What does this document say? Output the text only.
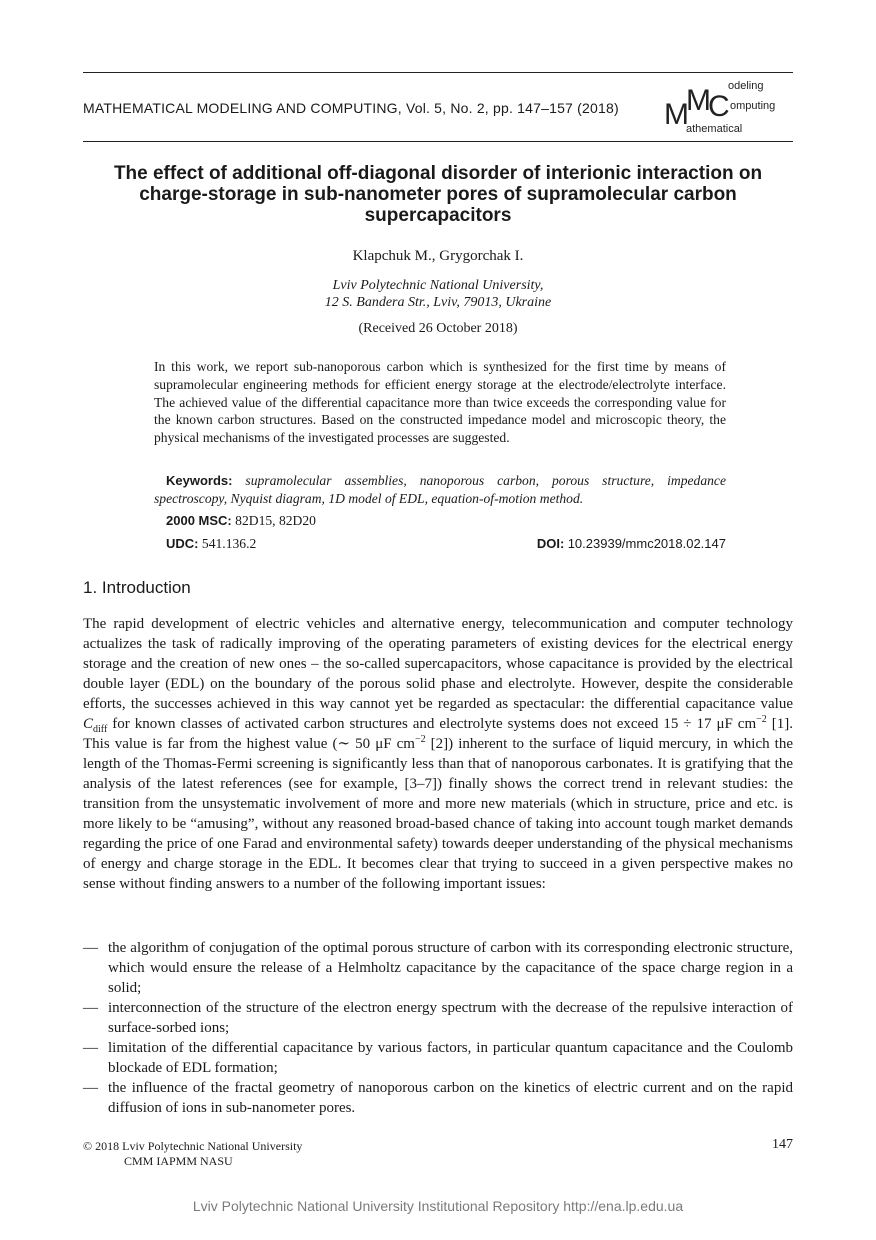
MATHEMATICAL MODELING AND COMPUTING, Vol. 5, No. 2, pp. 147–157 (2018) M
M
C
odeling
omputing
athematical
The effect of additional off-diagonal disorder of interionic interaction on charge-storage in sub-nanometer pores of supramolecular carbon supercapacitors
Klapchuk M., Grygorchak I.
Lviv Polytechnic National University,
12 S. Bandera Str., Lviv, 79013, Ukraine
(Received 26 October 2018)
In this work, we report sub-nanoporous carbon which is synthesized for the first time by means of supramolecular engineering methods for efficient energy storage at the electrode/electrolyte interface. The achieved value of the differential capacitance more than twice exceeds the corresponding value for the known carbon structures. Based on the constructed impedance model and microscopic theory, the physical mechanisms of the investigated processes are suggested.
Keywords: supramolecular assemblies, nanoporous carbon, porous structure, impedance spectroscopy, Nyquist diagram, 1D model of EDL, equation-of-motion method.
2000 MSC: 82D15, 82D20
UDC: 541.136.2	DOI: 10.23939/mmc2018.02.147
1. Introduction

The rapid development of electric vehicles and alternative energy, telecommunication and computer technology actualizes the task of radically improving of the operating parameters of existing devices for the electrical energy storage and the creation of new ones – the so-called supercapacitors, whose capacitance is provided by the electrical double layer (EDL) on the boundary of the porous solid phase and electrolyte. However, despite the considerable efforts, the successes achieved in this way cannot yet be regarded as spectacular: the differential capacitance value $C_{diff}$ for known classes of activated carbon structures and electrolyte systems does not exceed 15 ÷ 17 μF $cm^{-2}$ [1]. This value is far from the highest value (∼ 50 μF $cm^{-2}$ [2]) inherent to the surface of liquid mercury, in which the length of the Thomas-Fermi screening is significantly less than that of nanoporous carbonates. It is gratifying that the analysis of the latest references (see for example, [3–7]) finally shows the correct trend in relevant studies: the transition from the unsystematic involvement of more and more new materials (which in structure, price and etc. is more likely to be “amusing”, without any reasoned broad-based chance of taking into account tough market demands regarding the price of one Farad and environmental safety) towards deeper understanding of the physical mechanisms of energy and charge storage in the EDL. It becomes clear that trying to succeed in a given perspective makes no sense without finding answers to a number of the following important issues:

— the algorithm of conjugation of the optimal porous structure of carbon with its corresponding electronic structure, which would ensure the release of a Helmholtz capacitance by the capacitance of the space charge region in a solid;
— interconnection of the structure of the electron energy spectrum with the decrease of the repulsive interaction of surface-sorbed ions;
— limitation of the differential capacitance by various factors, in particular quantum capacitance and the Coulomb blockade of EDL formation;
— the influence of the fractal geometry of nanoporous carbon on the kinetics of electric current and on the rapid diffusion of ions in sub-nanometer pores.
© 2018 Lviv Polytechnic National University
CMM IAPMM NASU
147
Lviv Polytechnic National University Institutional Repository http://ena.lp.edu.ua
